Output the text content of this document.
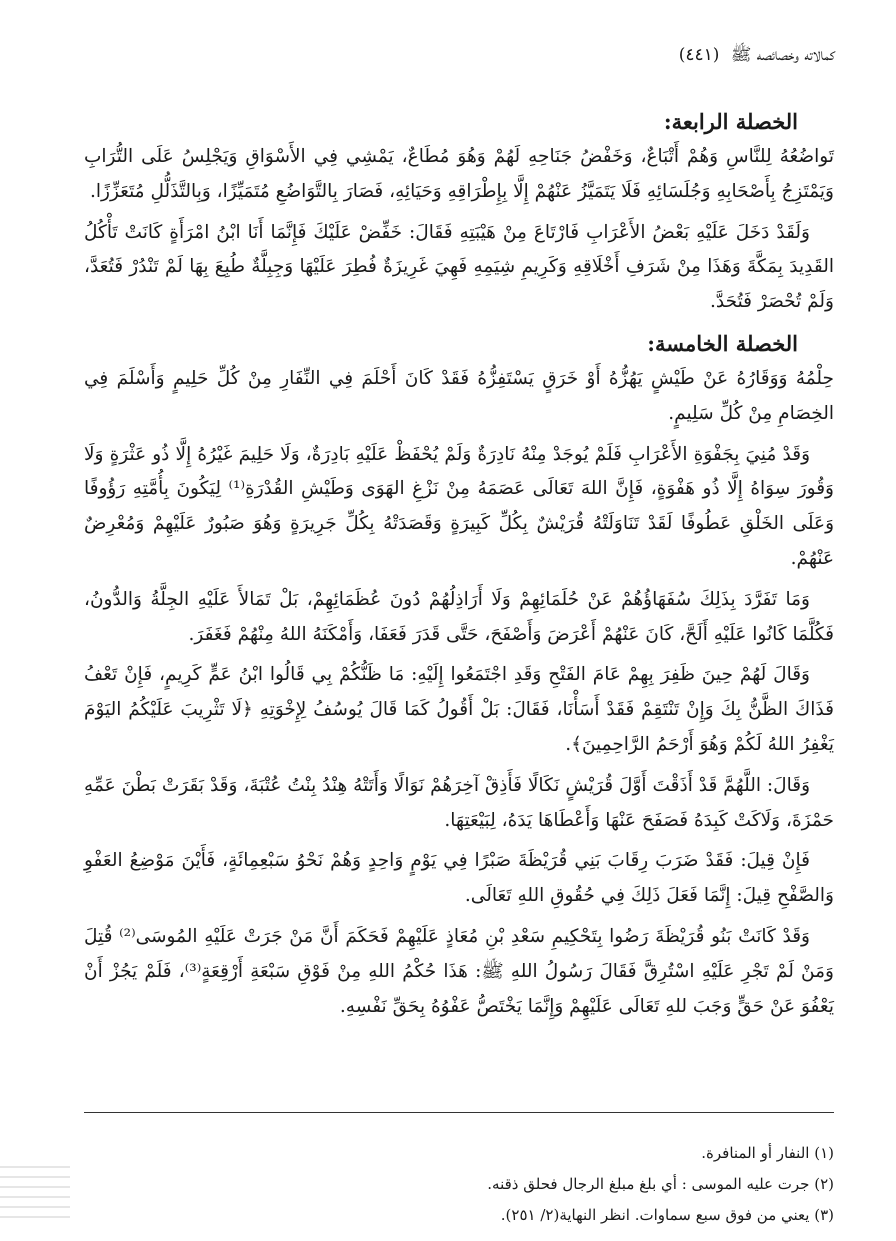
كمالاته وخصائصه ﷺ (٤٤١)

الخصلة الرابعة:

تَواضُعُهُ لِلنَّاسِ وَهُمْ أَتْبَاعٌ، وَخَفْضُ جَنَاحِهِ لَهُمْ وَهُوَ مُطَاعٌ، يَمْشِي فِي الأَسْوَاقِ وَيَجْلِسُ عَلَى التُّرَابِ وَيَمْتَزِجُ بِأَصْحَابِهِ وَجُلَسَائِهِ فَلَا يَتَمَيَّزُ عَنْهُمْ إِلَّا بِإِطْرَاقِهِ وَحَيَائِهِ، فَصَارَ بِالتَّوَاضُعِ مُتَمَيِّزًا، وَبِالتَّذَلُّلِ مُتَعَزِّزًا.

وَلَقَدْ دَخَلَ عَلَيْهِ بَعْضُ الأَعْرَابِ فَارْتَاعَ مِنْ هَيْبَتِهِ فَقَالَ: خَفِّضْ عَلَيْكَ فَإِنَّمَا أَنَا ابْنُ امْرَأَةٍ كَانَتْ تَأْكُلُ القَدِيدَ بِمَكَّةَ وَهَذَا مِنْ شَرَفِ أَخْلَاقِهِ وَكَرِيمِ شِيَمِهِ فَهِيَ غَرِيزَةٌ فُطِرَ عَلَيْهَا وَجِبِلَّةٌ طُبِعَ بِهَا لَمْ تَنْدُرْ فَتُعَدَّ، وَلَمْ تُحْصَرْ فَتُحَدَّ.

الخصلة الخامسة:

حِلْمُهُ وَوَقَارُهُ عَنْ طَيْشٍ يَهُزُّهُ أَوْ خَرَقٍ يَسْتَفِزُّهُ فَقَدْ كَانَ أَحْلَمَ فِي النِّفَارِ مِنْ كُلِّ حَلِيمٍ وَأَسْلَمَ فِي الخِصَامِ مِنْ كُلِّ سَلِيمٍ.

وَقَدْ مُنِيَ بِجَفْوَةِ الأَعْرَابِ فَلَمْ يُوجَدْ مِنْهُ نَادِرَةٌ وَلَمْ يُحْفَظْ عَلَيْهِ بَادِرَةٌ، وَلَا حَلِيمَ غَيْرُهُ إِلَّا ذُو عَثْرَةٍ وَلَا وَقُورَ سِوَاهُ إِلَّا ذُو هَفْوَةٍ، فَإِنَّ اللهَ تَعَالَى عَصَمَهُ مِنْ نَزْغِ الهَوَى وَطَيْشِ القُدْرَةِ⁽¹⁾ لِيَكُونَ بِأُمَّتِهِ رَؤُوفًا وَعَلَى الخَلْقِ عَطُوفًا لَقَدْ تَنَاوَلَتْهُ قُرَيْشٌ بِكُلِّ كَبِيرَةٍ وَقَصَدَتْهُ بِكُلِّ جَرِيرَةٍ وَهُوَ صَبُورٌ عَلَيْهِمْ وَمُعْرِضٌ عَنْهُمْ.

وَمَا تَفَرَّدَ بِذَلِكَ سُفَهَاؤُهُمْ عَنْ حُلَمَائِهِمْ وَلَا أَرَاذِلُهُمْ دُونَ عُظَمَائِهِمْ، بَلْ تَمَالأَ عَلَيْهِ الجِلَّةُ وَالدُّونُ، فَكُلَّمَا كَانُوا عَلَيْهِ أَلَحَّ، كَانَ عَنْهُمْ أَعْرَضَ وَأَصْفَحَ، حَتَّى قَدَرَ فَعَفَا، وَأَمْكَنَهُ اللهُ مِنْهُمْ فَغَفَرَ.

وَقَالَ لَهُمْ حِينَ ظَفِرَ بِهِمْ عَامَ الفَتْحِ وَقَدِ اجْتَمَعُوا إِلَيْهِ: مَا ظَنُّكُمْ بِي قَالُوا ابْنُ عَمٍّ كَرِيمٍ، فَإِنْ تَعْفُ فَذَاكَ الظَّنُّ بِكَ وَإِنْ تَنْتَقِمْ فَقَدْ أَسَأْنَا، فَقَالَ: بَلْ أَقُولُ كَمَا قَالَ يُوسُفُ لِإِخْوَتِهِ ﴿لَا تَثْرِيبَ عَلَيْكُمُ اليَوْمَ يَغْفِرُ اللهُ لَكُمْ وَهُوَ أَرْحَمُ الرَّاحِمِينَ﴾.

وَقَالَ: اللَّهُمَّ قَدْ أَذَقْتَ أَوَّلَ قُرَيْشٍ نَكَالًا فَأَذِقْ آخِرَهُمْ نَوَالًا وَأَتَتْهُ هِنْدُ بِنْتُ عُتْبَةَ، وَقَدْ بَقَرَتْ بَطْنَ عَمِّهِ حَمْزَةَ، وَلَاكَتْ كَبِدَهُ فَصَفَحَ عَنْهَا وَأَعْطَاهَا يَدَهُ، لِبَيْعَتِهَا.

فَإِنْ قِيلَ: فَقَدْ ضَرَبَ رِقَابَ بَنِي قُرَيْظَةَ صَبْرًا فِي يَوْمٍ وَاحِدٍ وَهُمْ نَحْوُ سَبْعِمِائَةٍ، فَأَيْنَ مَوْضِعُ العَفْوِ وَالصَّفْحِ قِيلَ: إِنَّمَا فَعَلَ ذَلِكَ فِي حُقُوقِ اللهِ تَعَالَى.

وَقَدْ كَانَتْ بَنُو قُرَيْظَةَ رَضُوا بِتَحْكِيمِ سَعْدِ بْنِ مُعَاذٍ عَلَيْهِمْ فَحَكَمَ أَنَّ مَنْ جَرَتْ عَلَيْهِ المُوسَى⁽²⁾ قُتِلَ وَمَنْ لَمْ تَجْرِ عَلَيْهِ اسْتُرِقَّ فَقَالَ رَسُولُ اللهِ ﷺ: هَذَا حُكْمُ اللهِ مِنْ فَوْقِ سَبْعَةِ أَرْقِعَةٍ⁽³⁾، فَلَمْ يَجُزْ أَنْ يَعْفُوَ عَنْ حَقٍّ وَجَبَ للهِ تَعَالَى عَلَيْهِمْ وَإِنَّمَا يَخْتَصُّ عَفْوُهُ بِحَقِّ نَفْسِهِ.

(١) النفار أو المنافرة.

(٢) جرت عليه الموسى : أي بلغ مبلغ الرجال فحلق ذقنه.

(٣) يعني من فوق سبع سماوات. انظر النهاية(٢/ ٢٥١).
